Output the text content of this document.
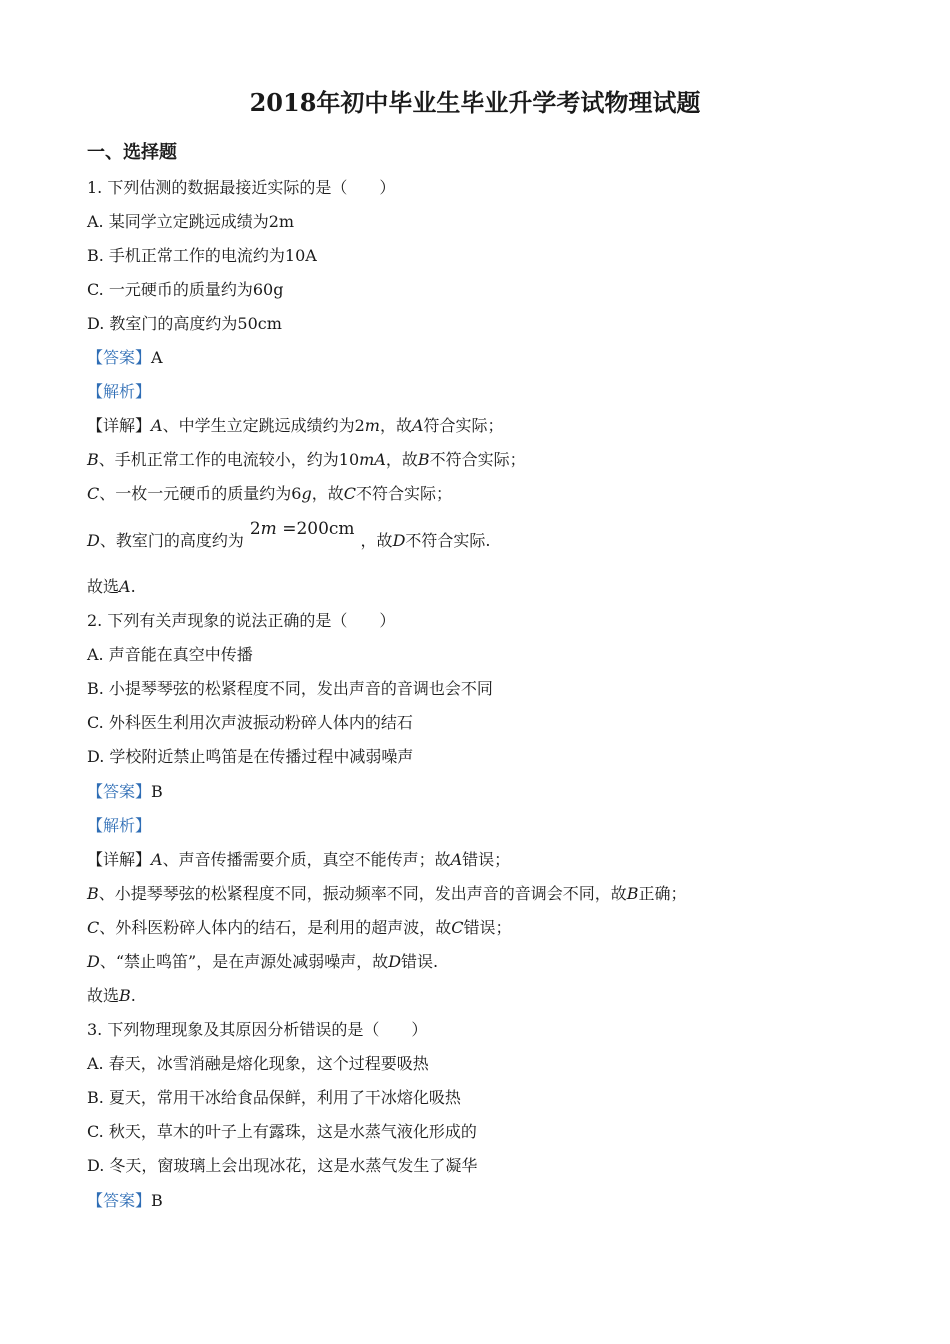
2018年初中毕业生毕业升学考试物理试题
一、选择题
1. 下列估测的数据最接近实际的是（　　）
A. 某同学立定跳远成绩为2m
B. 手机正常工作的电流约为10A
C. 一元硬币的质量约为60g
D. 教室门的高度约为50cm
【答案】A
【解析】
【详解】A、中学生立定跳远成绩约为2m，故A符合实际；
B、手机正常工作的电流较小，约为10mA，故B不符合实际；
C、一枚一元硬币的质量约为6g，故C不符合实际；
D、教室门的高度约为2m =200cm，故D不符合实际.
故选A.
2. 下列有关声现象的说法正确的是（　　）
A. 声音能在真空中传播
B. 小提琴琴弦的松紧程度不同，发出声音的音调也会不同
C. 外科医生利用次声波振动粉碎人体内的结石
D. 学校附近禁止鸣笛是在传播过程中减弱噪声
【答案】B
【解析】
【详解】A、声音传播需要介质，真空不能传声；故A错误；
B、小提琴琴弦的松紧程度不同，振动频率不同，发出声音的音调会不同，故B正确；
C、外科医粉碎人体内的结石，是利用的超声波，故C错误；
D、“禁止鸣笛”，是在声源处减弱噪声，故D错误.
故选B.
3. 下列物理现象及其原因分析错误的是（　　）
A. 春天，冰雪消融是熔化现象，这个过程要吸热
B. 夏天，常用干冰给食品保鲜，利用了干冰熔化吸热
C. 秋天，草木的叶子上有露珠，这是水蒸气液化形成的
D. 冬天，窗玻璃上会出现冰花，这是水蒸气发生了凝华
【答案】B
